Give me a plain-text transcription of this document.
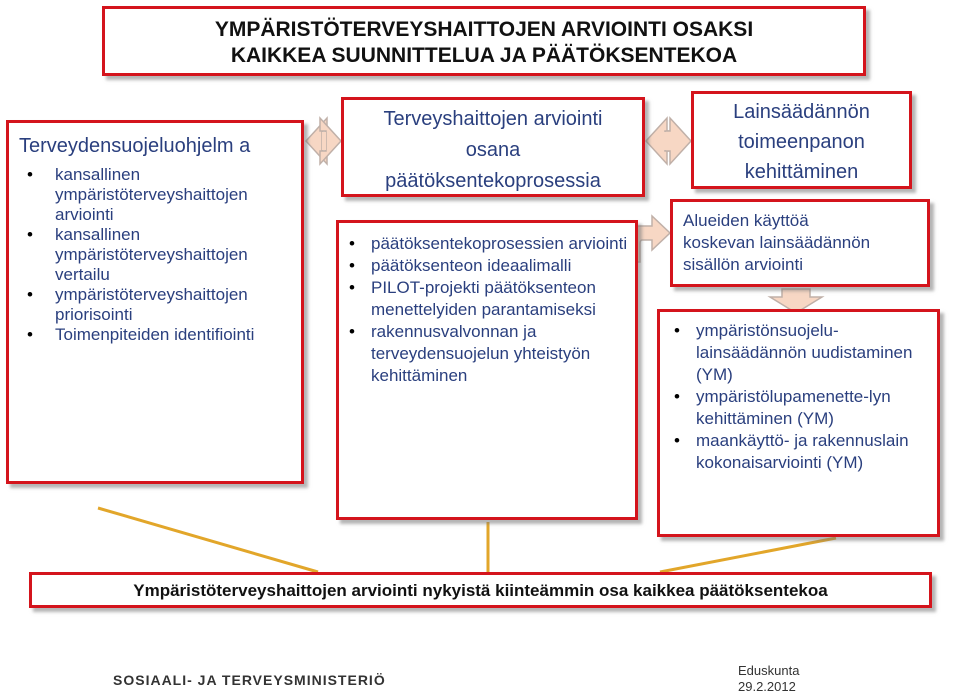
YMPÄRISTÖTERVEYSHAITTOJEN ARVIOINTI OSAKSI
KAIKKEA SUUNNITTELUA JA PÄÄTÖKSENTEKOA
Terveydensuojeluohjelm a
• kansallinen ympäristöterveyshaittojen arviointi
• kansallinen ympäristöterveyshaittojen vertailu
• ympäristöterveyshaittojen priorisointi
• Toimenpiteiden identifiointi
Terveyshaittojen arviointi
osana
päätöksentekoprosessia
• päätöksentekoprosessien arviointi
• päätöksenteon ideaalimalli
• PILOT-projekti päätöksenteon menettelyiden parantamiseksi
• rakennusvalvonnan ja terveydensuojelun yhteistyön kehittäminen
Lainsäädännön
toimeenpanon
kehittäminen
Alueiden käyttöä
koskevan lainsäädännön
sisällön arviointi
• ympäristönsuojelu-lainsäädännön uudistaminen (YM)
• ympäristölupamenette-lyn kehittäminen (YM)
• maankäyttö- ja rakennuslain kokonaisarviointi (YM)
Ympäristöterveyshaittojen arviointi nykyistä kiinteämmin osa kaikkea päätöksentekoa
SOSIAALI- JA TERVEYSMINISTERIÖ
Eduskunta
29.2.2012
